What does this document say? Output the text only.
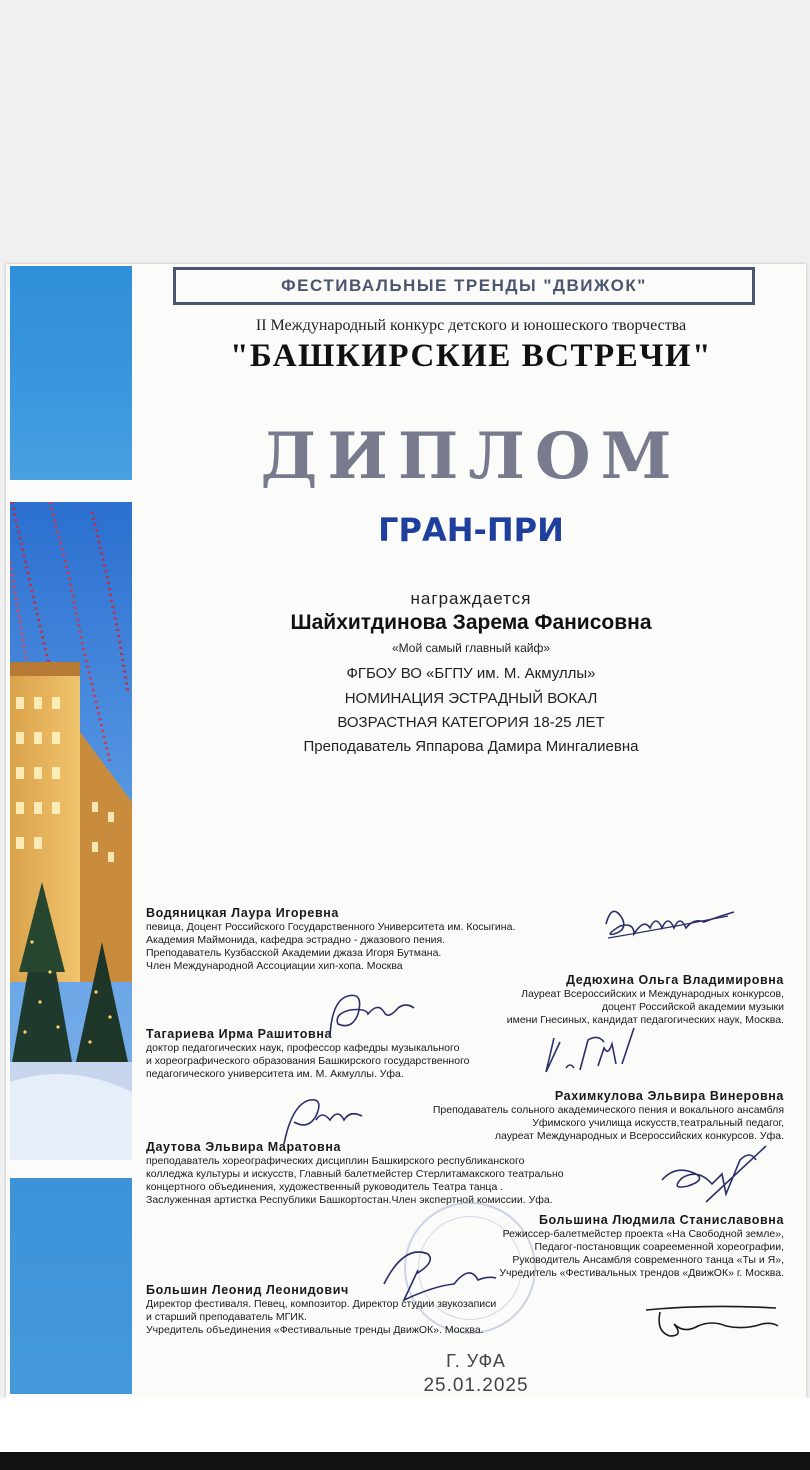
ФЕСТИВАЛЬНЫЕ ТРЕНДЫ "ДВИЖОК"
II Международный конкурс детского и юношеского творчества
"БАШКИРСКИЕ ВСТРЕЧИ"
ДИПЛОМ
ГРАН-ПРИ
награждается
Шайхитдинова Зарема Фанисовна
«Мой самый главный кайф»
ФГБОУ ВО «БГПУ им. М. Акмуллы»
НОМИНАЦИЯ ЭСТРАДНЫЙ ВОКАЛ
ВОЗРАСТНАЯ КАТЕГОРИЯ 18-25 ЛЕТ
Преподаватель Яппарова Дамира Мингалиевна
Водяницкая Лаура Игоревна
певица, Доцент Российского Государственного Университета им. Косыгина.
Академия Маймонида, кафедра эстрадно - джазового пения.
Преподаватель Кузбасской Академии джаза Игоря Бутмана.
Член Международной Ассоциации хип-хопа. Москва
Дедюхина Ольга Владимировна
Лауреат Всероссийских и Международных конкурсов,
доцент Российской академии музыки
имени Гнесиных, кандидат педагогических наук, Москва.
Тагариева Ирма Рашитовна
доктор педагогических наук, профессор кафедры музыкального
и хореографического образования Башкирского государственного
педагогического университета им. М. Акмуллы. Уфа.
Рахимкулова Эльвира Винеровна
Преподаватель сольного академического пения и вокального ансамбля
Уфимского училища искусств,театральный педагог,
лауреат Международных и Всероссийских конкурсов. Уфа.
Даутова Эльвира Маратовна
преподаватель хореографических дисциплин Башкирского республиканского
колледжа культуры и искусств, Главный балетмейстер Стерлитамакского театрально
концертного объединения, художественный руководитель Театра танца .
Заслуженная артистка Республики Башкортостан.Член экспертной комиссии. Уфа.
Большина Людмила Станиславовна
Режиссер-балетмейстер проекта «На Свободной земле»,
Педагог-постановщик соарееменной хореографии,
Руководитель Ансамбля современного танца «Ты и Я»,
Учредитель «Фестивальных трендов «ДвижОК» г. Москва.
Большин Леонид Леонидович
Директор фестиваля. Певец, композитор. Директор студии звукозаписи
и старший преподаватель МГИК.
Учредитель объединения «Фестивальные тренды ДвижОК». Москва.
Г. УФА
25.01.2025
